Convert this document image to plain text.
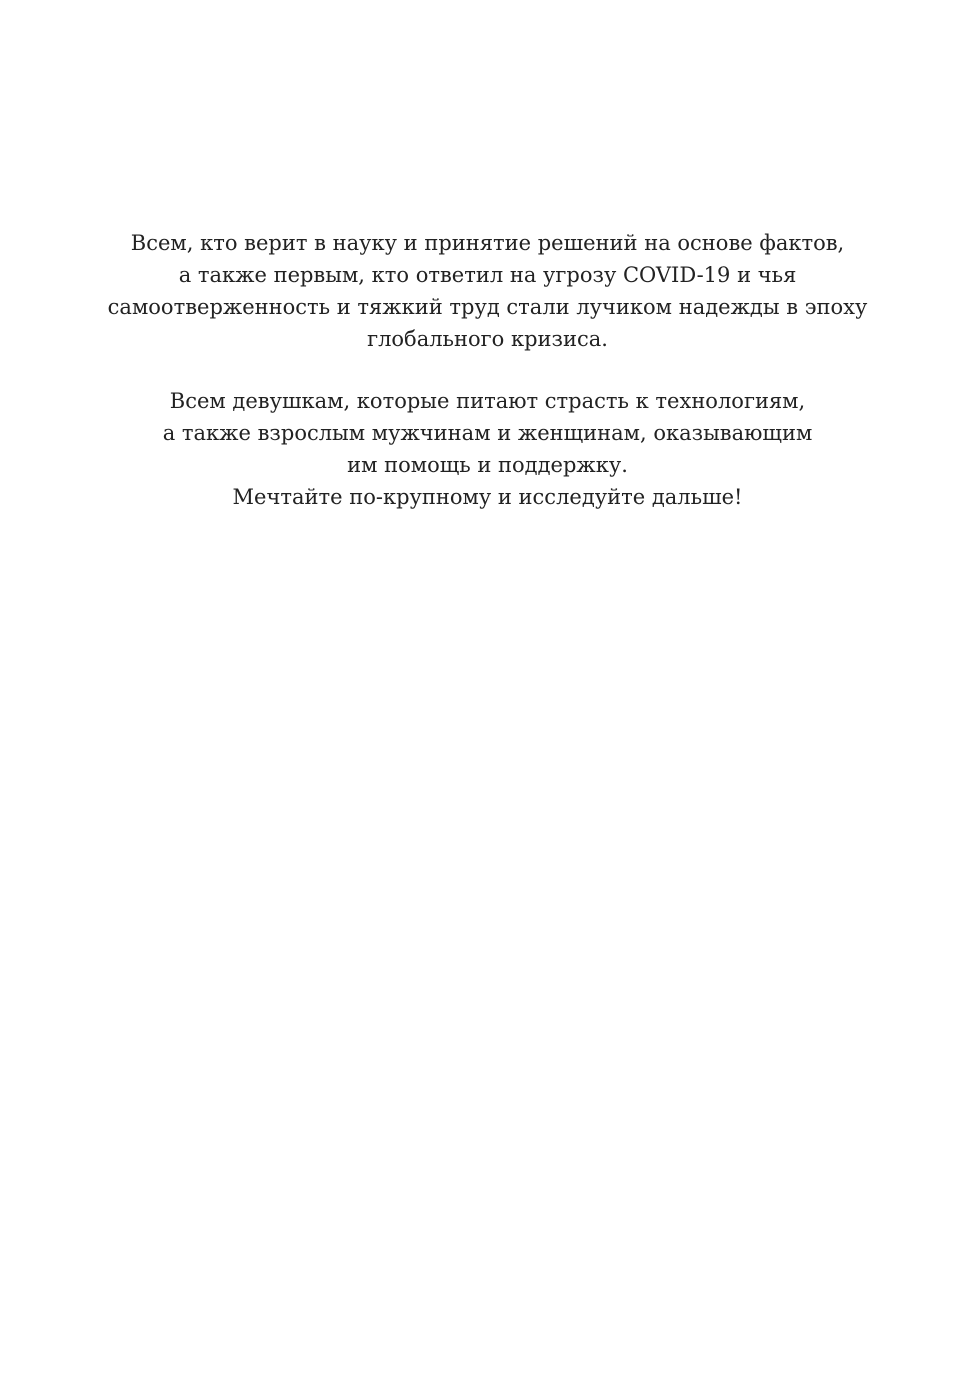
Всем, кто верит в науку и принятие решений на основе фактов,
а также первым, кто ответил на угрозу COVID-19 и чья
самоотверженность и тяжкий труд стали лучиком надежды в эпоху
глобального кризиса.

Всем девушкам, которые питают страсть к технологиям,
а также взрослым мужчинам и женщинам, оказывающим
им помощь и поддержку.
Мечтайте по-крупному и исследуйте дальше!
